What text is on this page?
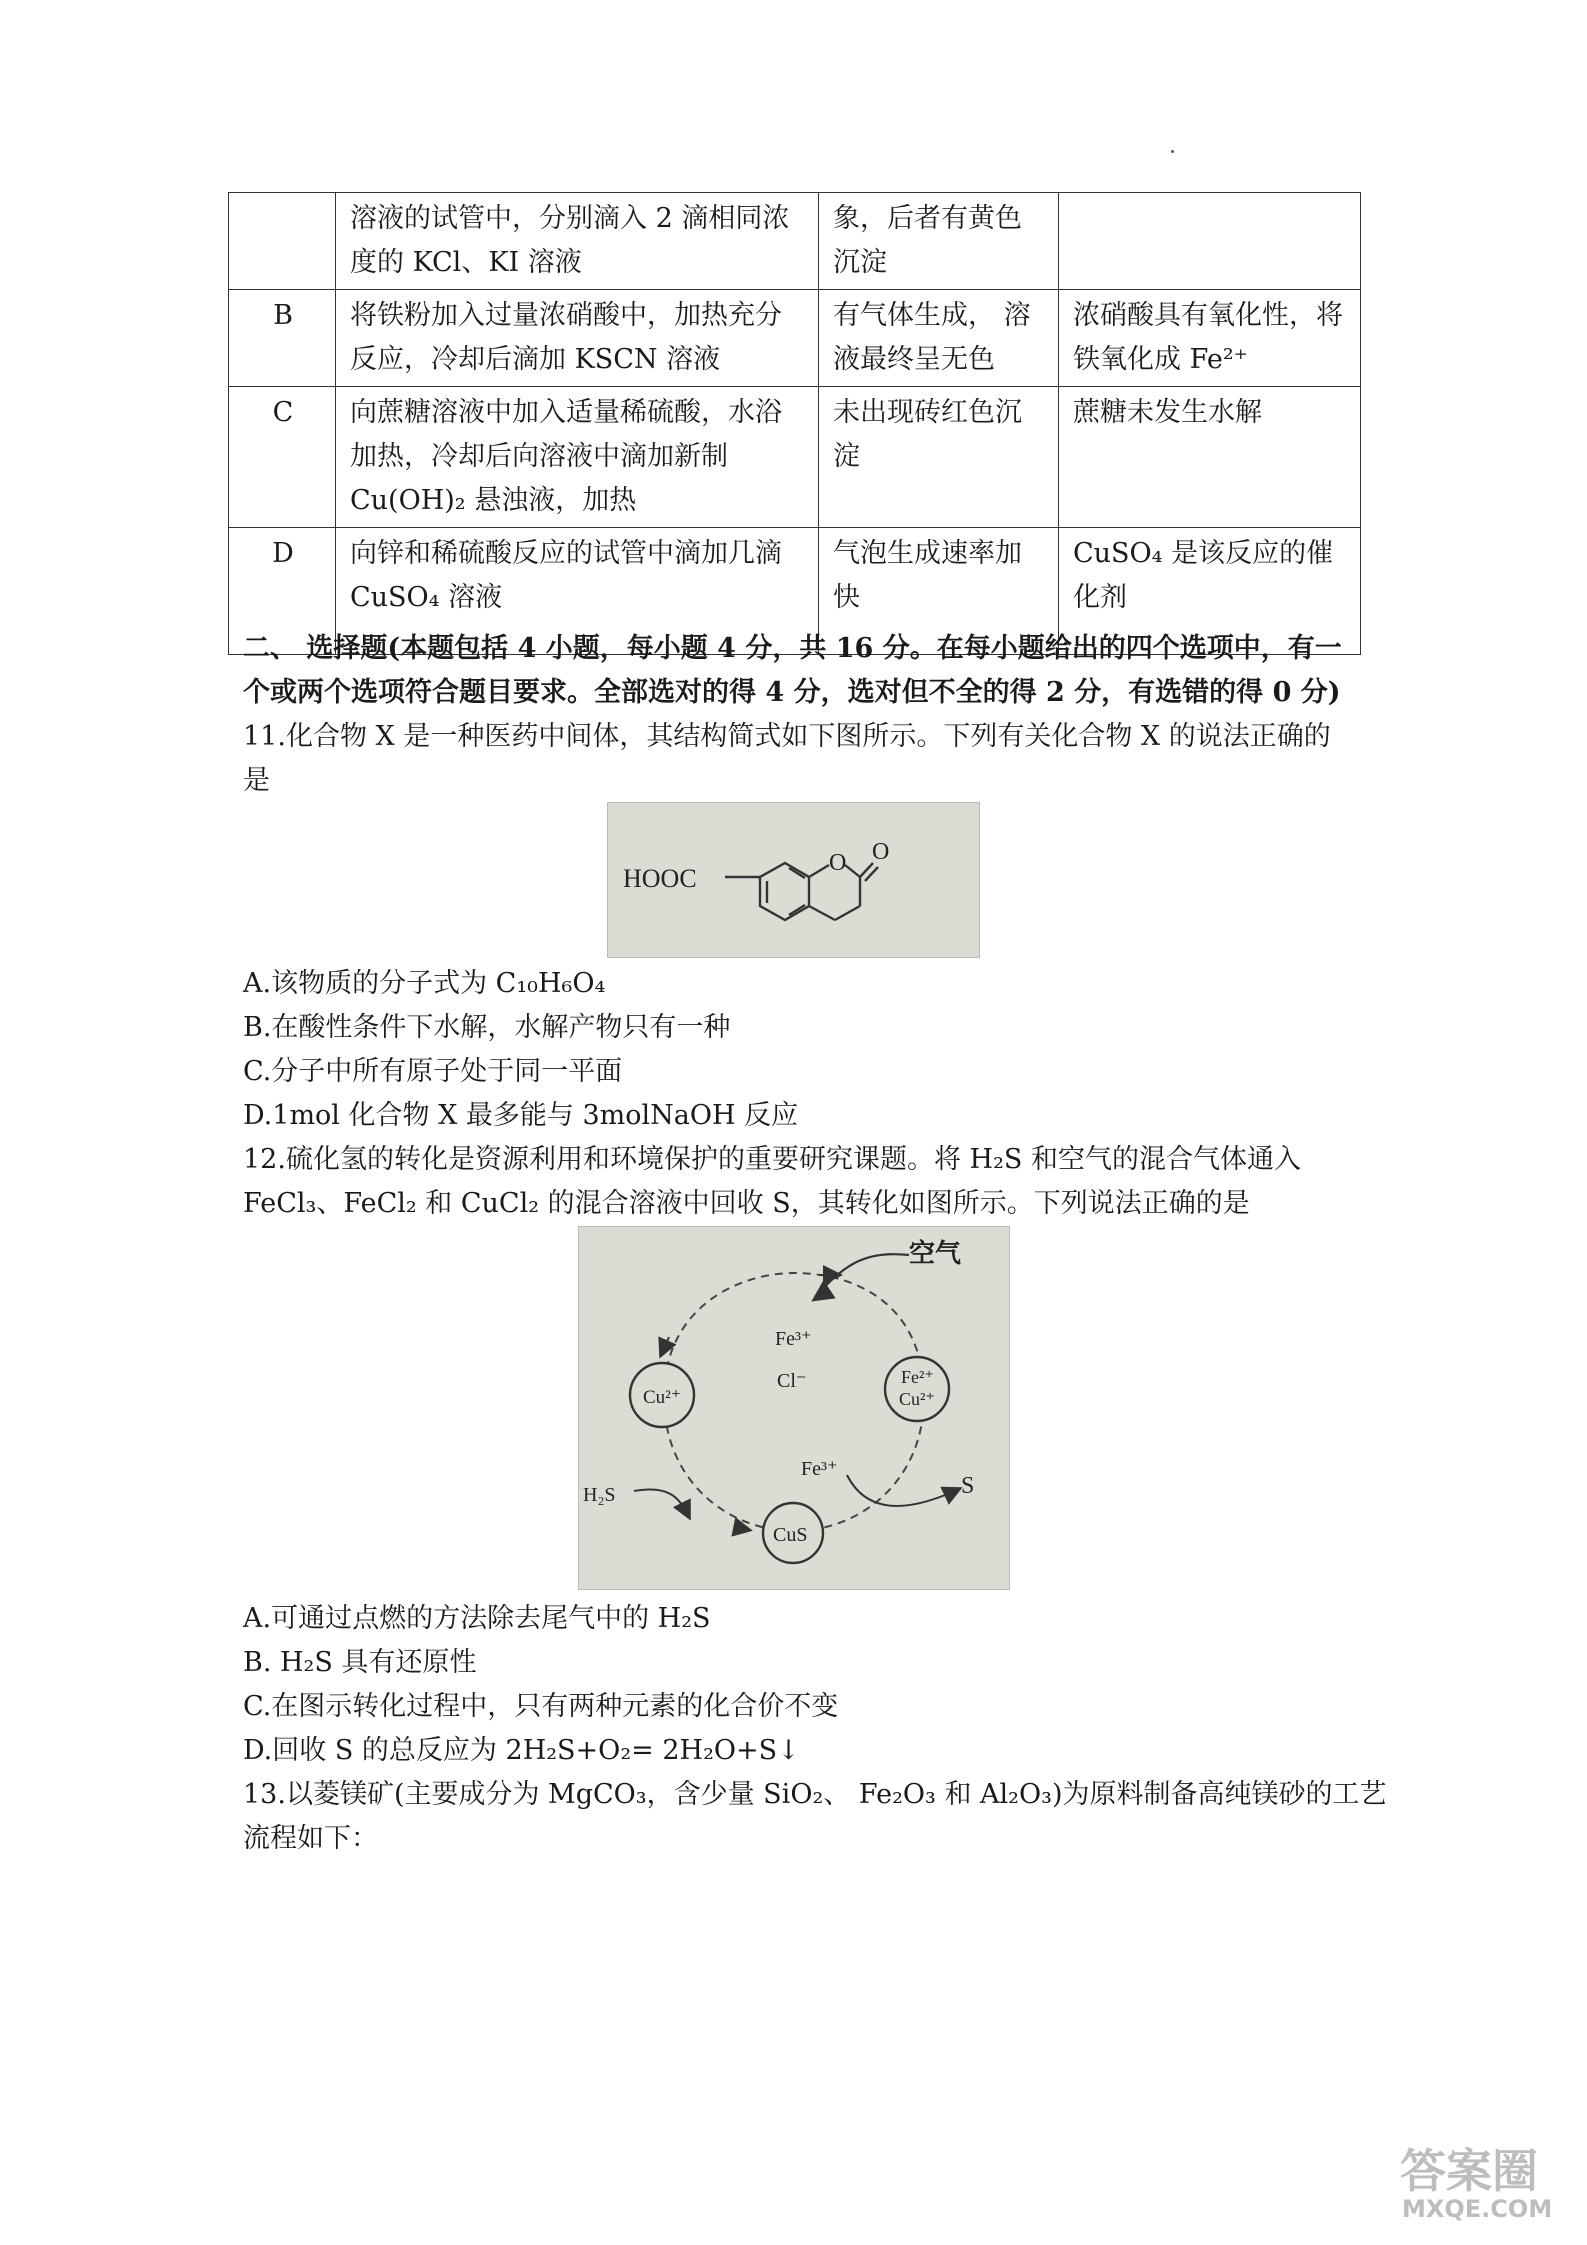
	溶液的试管中，分别滴入 2 滴相同浓度的 KCl、KI 溶液	象，后者有黄色沉淀	
B	将铁粉加入过量浓硝酸中，加热充分反应，冷却后滴加 KSCN 溶液	有气体生成， 溶液最终呈无色	浓硝酸具有氧化性，将铁氧化成 Fe²⁺
C	向蔗糖溶液中加入适量稀硫酸，水浴加热，冷却后向溶液中滴加新制 Cu(OH)₂ 悬浊液，加热	未出现砖红色沉淀	蔗糖未发生水解
D	向锌和稀硫酸反应的试管中滴加几滴 CuSO₄ 溶液	气泡生成速率加快	CuSO₄ 是该反应的催化剂
二、 选择题(本题包括 4 小题，每小题 4 分，共 16 分。在每小题给出的四个选项中，有一
个或两个选项符合题目要求。全部选对的得 4 分，选对但不全的得 2 分，有选错的得 0 分)
11.化合物 X 是一种医药中间体，其结构简式如下图所示。下列有关化合物 X 的说法正确的
是
HOOC
O O
A.该物质的分子式为 C₁₀H₆O₄
B.在酸性条件下水解，水解产物只有一种
C.分子中所有原子处于同一平面
D.1mol 化合物 X 最多能与 3molNaOH 反应
12.硫化氢的转化是资源利用和环境保护的重要研究课题。将 H₂S 和空气的混合气体通入
FeCl₃、FeCl₂ 和 CuCl₂ 的混合溶液中回收 S，其转化如图所示。下列说法正确的是
空气
Fe³⁺
Cl⁻
Cu²⁺
Fe²⁺
Cu²⁺
H₂S
Fe³⁺
S
CuS
A.可通过点燃的方法除去尾气中的 H₂S
B. H₂S 具有还原性
C.在图示转化过程中，只有两种元素的化合价不变
D.回收 S 的总反应为 2H₂S+O₂= 2H₂O+S↓
13.以菱镁矿(主要成分为 MgCO₃，含少量 SiO₂、 Fe₂O₃ 和 Al₂O₃)为原料制备高纯镁砂的工艺
流程如下：
答案圈
MXQE.COM
